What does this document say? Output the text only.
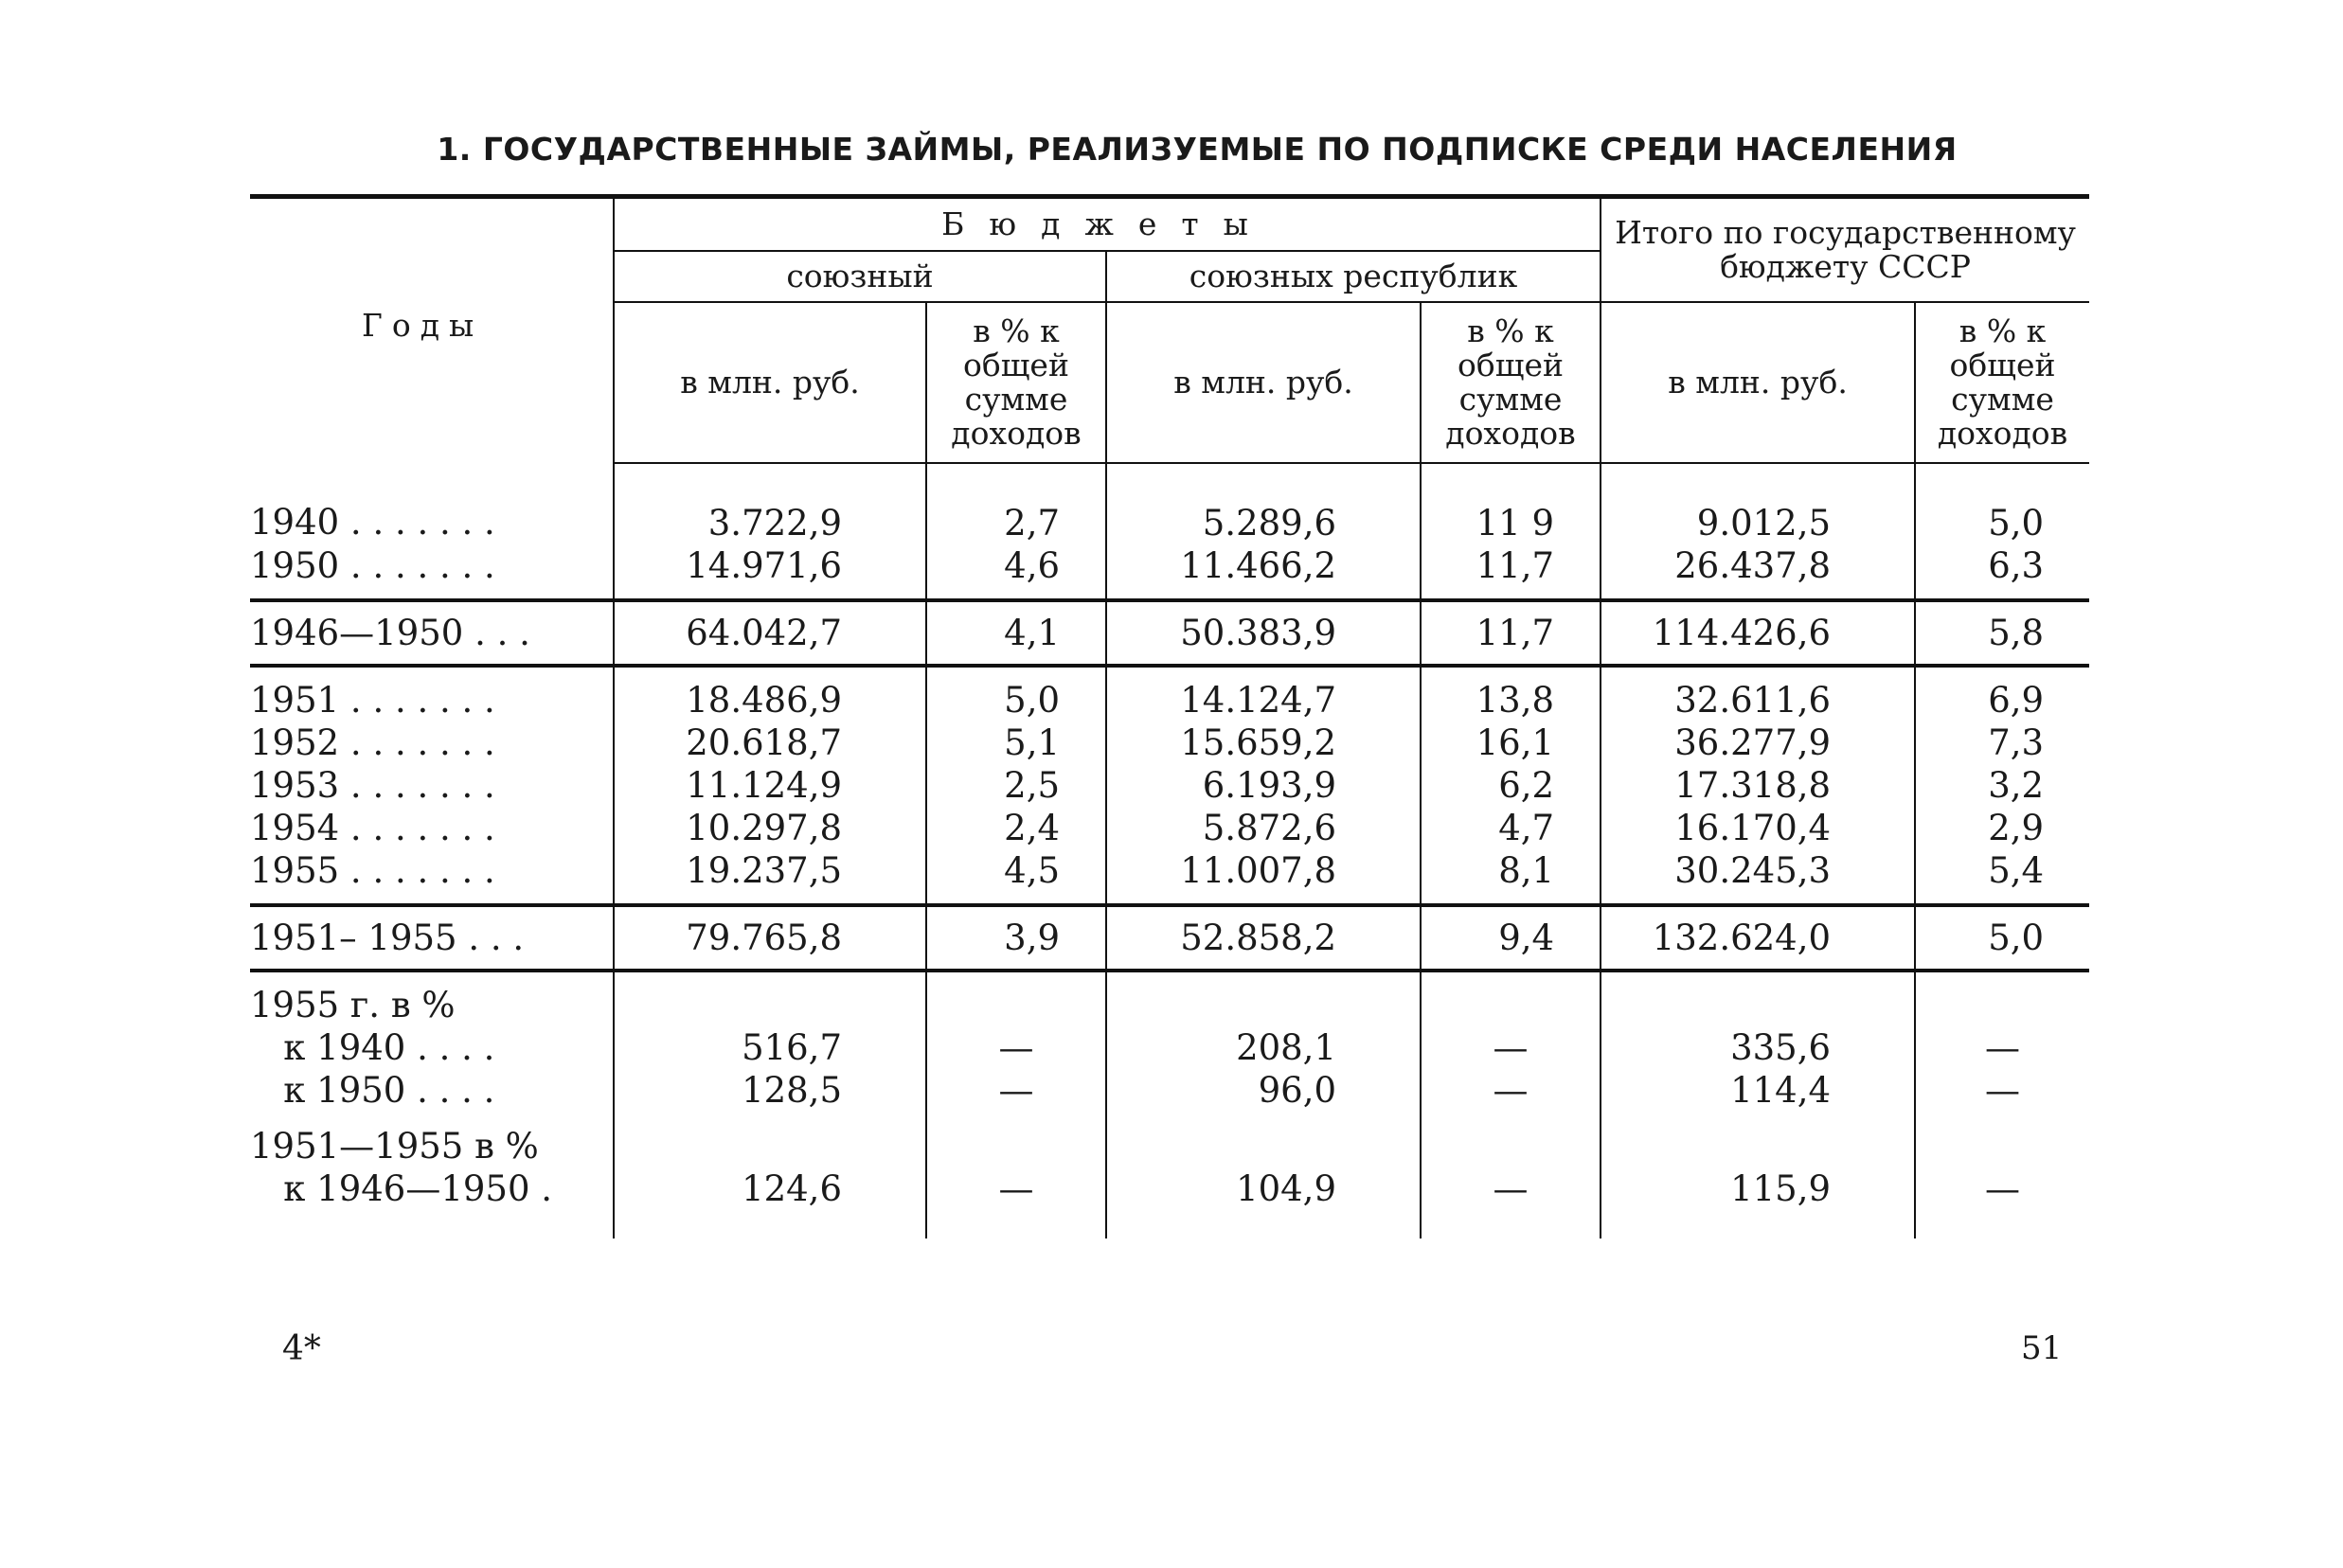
1. ГОСУДАРСТВЕННЫЕ ЗАЙМЫ, РЕАЛИЗУЕМЫЕ ПО ПОДПИСКЕ СРЕДИ НАСЕЛЕНИЯ
Годы	Бюджеты				Итого по государственному бюджету СССР	
	союзный		союзных республик			
	в млн. руб.	в % к общей сумме доходов	в млн. руб.	в % к общей сумме доходов	в млн. руб.	в % к общей сумме доходов
1940 . . . . . . .	3.722,9	2,7	5.289,6	11 9	9.012,5	5,0
1950 . . . . . . .	14.971,6	4,6	11.466,2	11,7	26.437,8	6,3
1946—1950 . . .	64.042,7	4,1	50.383,9	11,7	114.426,6	5,8
1951 . . . . . . .	18.486,9	5,0	14.124,7	13,8	32.611,6	6,9
1952 . . . . . . .	20.618,7	5,1	15.659,2	16,1	36.277,9	7,3
1953 . . . . . . .	11.124,9	2,5	6.193,9	6,2	17.318,8	3,2
1954 . . . . . . .	10.297,8	2,4	5.872,6	4,7	16.170,4	2,9
1955 . . . . . . .	19.237,5	4,5	11.007,8	8,1	30.245,3	5,4
1951– 1955 . . .	79.765,8	3,9	52.858,2	9,4	132.624,0	5,0
1955 г. в %						
к 1940 . . . .	516,7	—	208,1	—	335,6	—
к 1950 . . . .	128,5	—	96,0	—	114,4	—
1951—1955 в %						
к 1946—1950 .	124,6	—	104,9	—	115,9	—
4*	51
